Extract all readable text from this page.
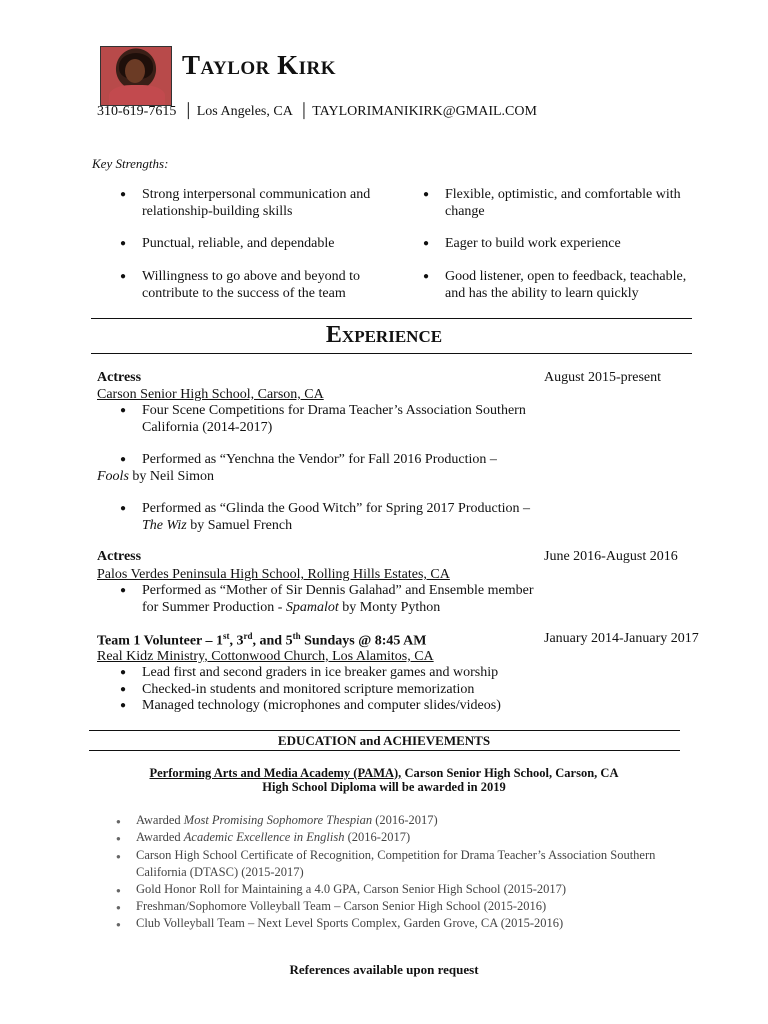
Taylor Kirk
310-619-7615  │ Los Angeles, CA  │ TAYLORIMANIKIRK@GMAIL.COM
Key Strengths:
● Strong interpersonal communication and relationship-building skills
● Punctual, reliable, and dependable
● Willingness to go above and beyond to contribute to the success of the team
● Flexible, optimistic, and comfortable with change
● Eager to build work experience
● Good listener, open to feedback, teachable, and has the ability to learn quickly
Experience
Actress	August 2015-present
Carson Senior High School, Carson, CA
● Four Scene Competitions for Drama Teacher’s Association Southern California (2014-2017)
● Performed as “Yenchna the Vendor” for Fall 2016 Production –
Fools by Neil Simon
● Performed as “Glinda the Good Witch” for Spring 2017 Production –
The Wiz by Samuel French
Actress	June 2016-August 2016
Palos Verdes Peninsula High School, Rolling Hills Estates, CA
● Performed as “Mother of Sir Dennis Galahad” and Ensemble member for Summer Production - Spamalot by Monty Python
Team 1 Volunteer – 1st, 3rd, and 5th Sundays @ 8:45 AM	January 2014-January 2017
Real Kidz Ministry, Cottonwood Church, Los Alamitos, CA
● Lead first and second graders in ice breaker games and worship
● Checked-in students and monitored scripture memorization
● Managed technology (microphones and computer slides/videos)
EDUCATION and ACHIEVEMENTS
Performing Arts and Media Academy (PAMA), Carson Senior High School, Carson, CA
High School Diploma will be awarded in 2019
● Awarded Most Promising Sophomore Thespian (2016-2017)
● Awarded Academic Excellence in English (2016-2017)
● Carson High School Certificate of Recognition, Competition for Drama Teacher’s Association Southern California (DTASC) (2015-2017)
● Gold Honor Roll for Maintaining a 4.0 GPA, Carson Senior High School (2015-2017)
● Freshman/Sophomore Volleyball Team – Carson Senior High School (2015-2016)
● Club Volleyball Team – Next Level Sports Complex, Garden Grove, CA (2015-2016)
References available upon request
